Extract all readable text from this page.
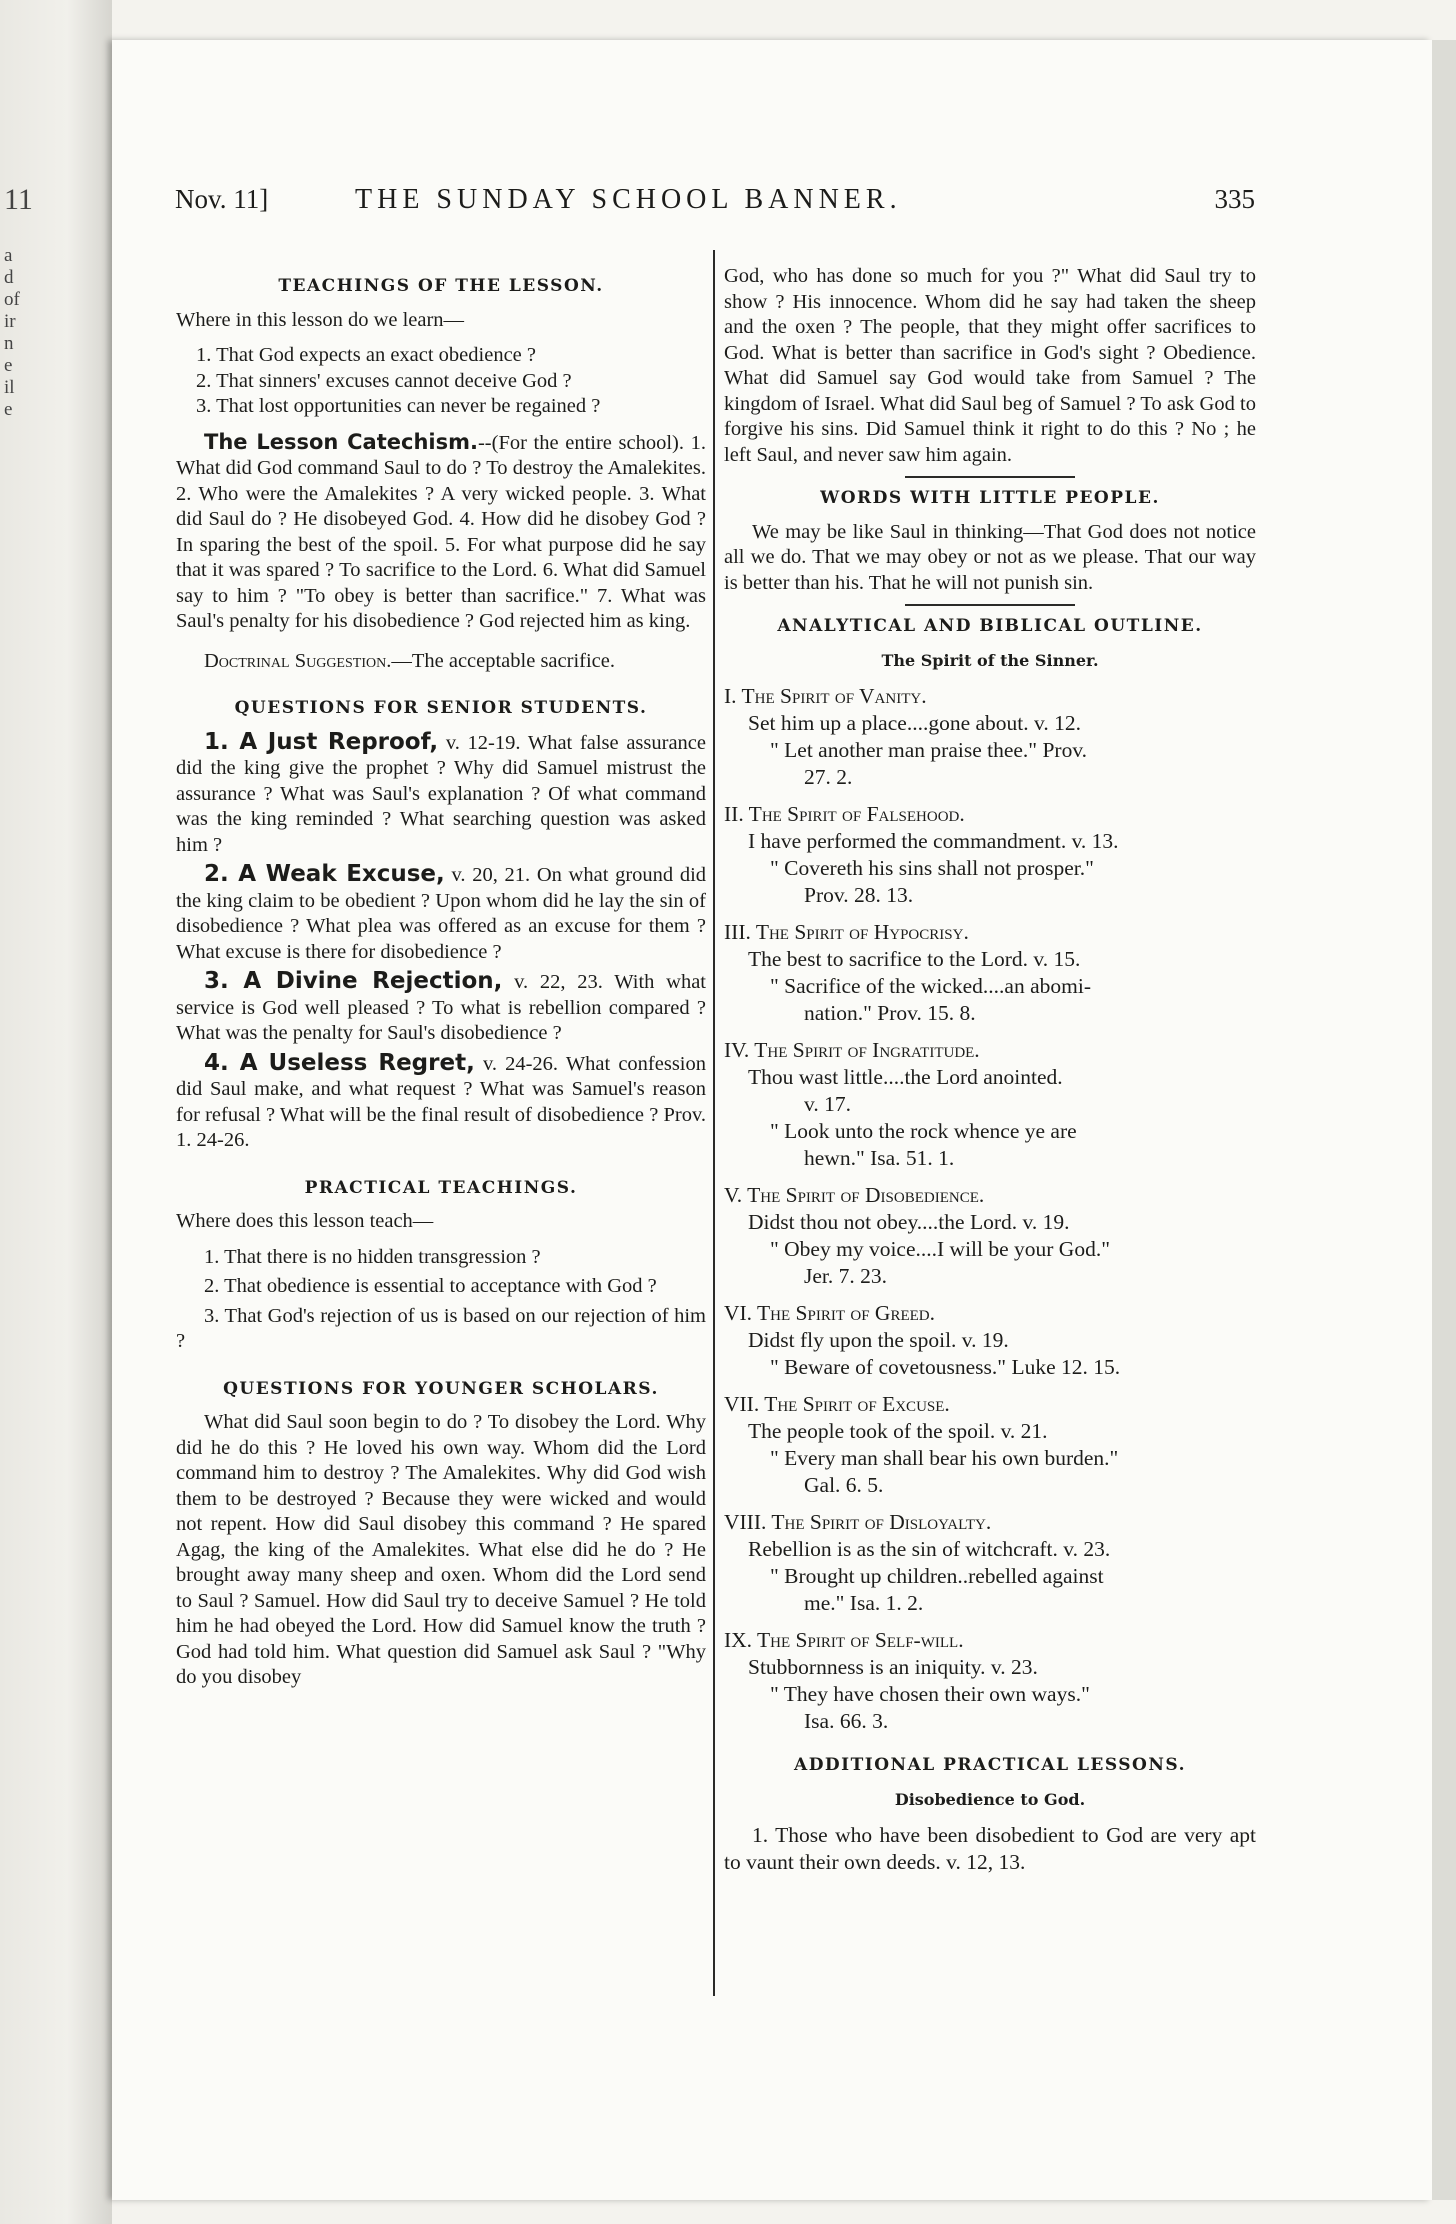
11
a
d
of
ir
n
e
il
e
Nov. 11]	THE SUNDAY SCHOOL BANNER.	335
TEACHINGS OF THE LESSON.

Where in this lesson do we learn—

1. That God expects an exact obedience ?

2. That sinners' excuses cannot deceive God ?

3. That lost opportunities can never be regained ?

The Lesson Catechism.--(For the entire school). 1. What did God command Saul to do ? To destroy the Amalekites. 2. Who were the Amalekites ? A very wicked people. 3. What did Saul do ? He disobeyed God. 4. How did he disobey God ? In sparing the best of the spoil. 5. For what purpose did he say that it was spared ? To sacrifice to the Lord. 6. What did Samuel say to him ? "To obey is better than sacrifice." 7. What was Saul's penalty for his disobedience ? God rejected him as king.

Doctrinal Suggestion.—The acceptable sacrifice.

QUESTIONS FOR SENIOR STUDENTS.

1. A Just Reproof, v. 12-19. What false assurance did the king give the prophet ? Why did Samuel mistrust the assurance ? What was Saul's explanation ? Of what command was the king reminded ? What searching question was asked him ?

2. A Weak Excuse, v. 20, 21. On what ground did the king claim to be obedient ? Upon whom did he lay the sin of disobedience ? What plea was offered as an excuse for them ? What excuse is there for disobedience ?

3. A Divine Rejection, v. 22, 23. With what service is God well pleased ? To what is rebellion compared ? What was the penalty for Saul's disobedience ?

4. A Useless Regret, v. 24-26. What confession did Saul make, and what request ? What was Samuel's reason for refusal ? What will be the final result of disobedience ? Prov. 1. 24-26.

PRACTICAL TEACHINGS.

Where does this lesson teach—

1. That there is no hidden transgression ?

2. That obedience is essential to acceptance with God ?

3. That God's rejection of us is based on our rejection of him ?

QUESTIONS FOR YOUNGER SCHOLARS.

What did Saul soon begin to do ? To disobey the Lord. Why did he do this ? He loved his own way. Whom did the Lord command him to destroy ? The Amalekites. Why did God wish them to be destroyed ? Because they were wicked and would not repent. How did Saul disobey this command ? He spared Agag, the king of the Amalekites. What else did he do ? He brought away many sheep and oxen. Whom did the Lord send to Saul ? Samuel. How did Saul try to deceive Samuel ? He told him he had obeyed the Lord. How did Samuel know the truth ? God had told him. What question did Samuel ask Saul ? "Why do you disobey

God, who has done so much for you ?" What did Saul try to show ? His innocence. Whom did he say had taken the sheep and the oxen ? The people, that they might offer sacrifices to God. What is better than sacrifice in God's sight ? Obedience. What did Samuel say God would take from Samuel ? The kingdom of Israel. What did Saul beg of Samuel ? To ask God to forgive his sins. Did Samuel think it right to do this ? No ; he left Saul, and never saw him again.

WORDS WITH LITTLE PEOPLE.

We may be like Saul in thinking—That God does not notice all we do. That we may obey or not as we please. That our way is better than his. That he will not punish sin.

ANALYTICAL AND BIBLICAL OUTLINE.
The Spirit of the Sinner.
I. The Spirit of Vanity.
Set him up a place....gone about. v. 12.
" Let another man praise thee." Prov.
27. 2.
II. The Spirit of Falsehood.
I have performed the commandment. v. 13.
" Covereth his sins shall not prosper."
Prov. 28. 13.
III. The Spirit of Hypocrisy.
The best to sacrifice to the Lord. v. 15.
" Sacrifice of the wicked....an abomi-
nation." Prov. 15. 8.
IV. The Spirit of Ingratitude.
Thou wast little....the Lord anointed.
v. 17.
" Look unto the rock whence ye are
hewn." Isa. 51. 1.
V. The Spirit of Disobedience.
Didst thou not obey....the Lord. v. 19.
" Obey my voice....I will be your God."
Jer. 7. 23.
VI. The Spirit of Greed.
Didst fly upon the spoil. v. 19.
" Beware of covetousness." Luke 12. 15.
VII. The Spirit of Excuse.
The people took of the spoil. v. 21.
" Every man shall bear his own burden."
Gal. 6. 5.
VIII. The Spirit of Disloyalty.
Rebellion is as the sin of witchcraft. v. 23.
" Brought up children..rebelled against
me." Isa. 1. 2.
IX. The Spirit of Self-will.
Stubbornness is an iniquity. v. 23.
" They have chosen their own ways."
Isa. 66. 3.
ADDITIONAL PRACTICAL LESSONS.
Disobedience to God.

1. Those who have been disobedient to God are very apt to vaunt their own deeds. v. 12, 13.
